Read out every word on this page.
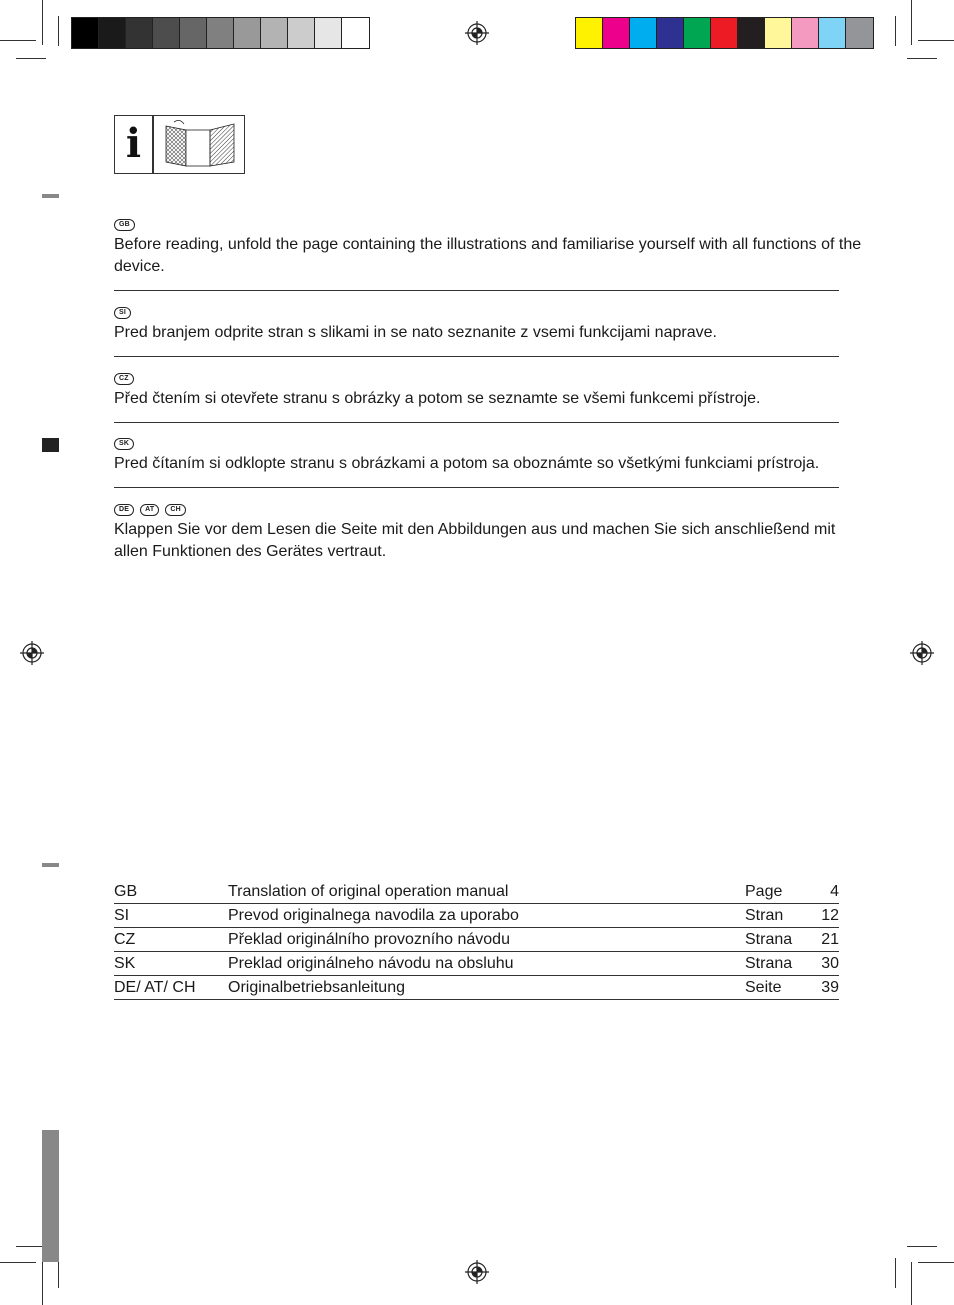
i
GB
Before reading, unfold the page containing the illustrations and familiarise yourself with all functions of the device.
SI
Pred branjem odprite stran s slikami in se nato seznanite z vsemi funkcijami naprave.
CZ
Před čtením si otevřete stranu s obrázky a potom se seznamte se všemi funkcemi přístroje.
SK
Pred čítaním si odklopte stranu s obrázkami a potom sa oboznámte so všetkými funkciami prístroja.
DE AT CH
Klappen Sie vor dem Lesen die Seite mit den Abbildungen aus und machen Sie sich anschließend mit allen Funktionen des Gerätes vertraut.
GB	Translation of original operation manual	Page	4
SI	Prevod originalnega navodila za uporabo	Stran	12
CZ	Překlad originálního provozního návodu	Strana	21
SK	Preklad originálneho návodu na obsluhu	Strana	30
DE/ AT/ CH	Originalbetriebsanleitung	Seite	39
